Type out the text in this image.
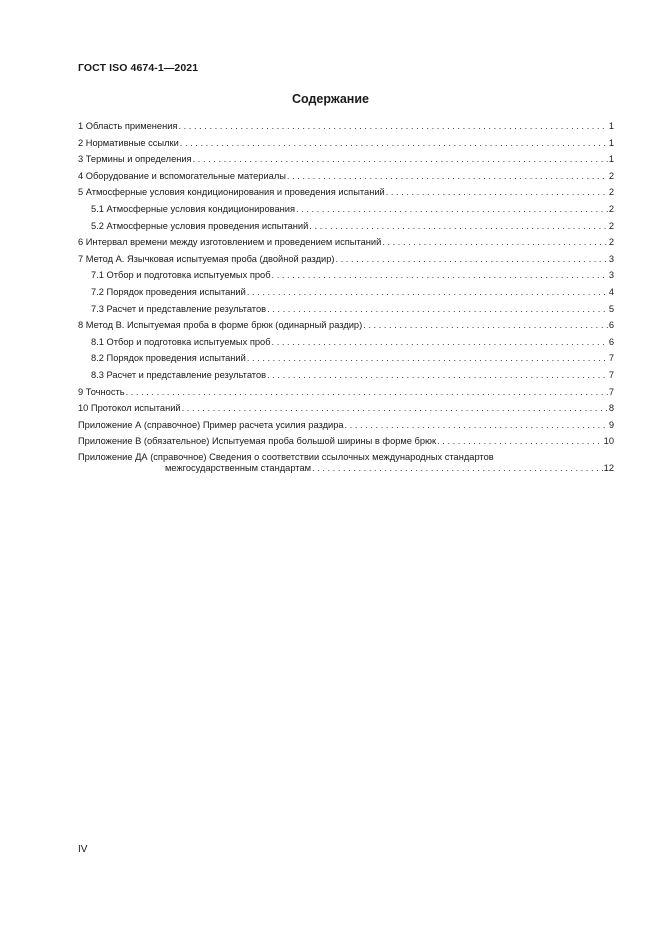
ГОСТ ISO 4674-1—2021
Содержание
1 Область применения . . .	1
2 Нормативные ссылки . . .	1
3 Термины и определения . . .	1
4 Оборудование и вспомогательные материалы . . .	2
5 Атмосферные условия кондиционирования и проведения испытаний . . .	2
5.1 Атмосферные условия кондиционирования . . .	2
5.2 Атмосферные условия проведения испытаний . . .	2
6 Интервал времени между изготовлением и проведением испытаний . . .	2
7 Метод А. Язычковая испытуемая проба (двойной раздир) . . .	3
7.1 Отбор и подготовка испытуемых проб . . .	3
7.2 Порядок проведения испытаний . . .	4
7.3 Расчет и представление результатов . . .	5
8 Метод В. Испытуемая проба в форме брюк (одинарный раздир) . . .	6
8.1 Отбор и подготовка испытуемых проб . . .	6
8.2 Порядок проведения испытаний . . .	7
8.3 Расчет и представление результатов . . .	7
9 Точность . . .	7
10 Протокол испытаний . . .	8
Приложение А (справочное) Пример расчета усилия раздира . . .	9
Приложение В (обязательное) Испытуемая проба большой ширины в форме брюк . . .	10
Приложение ДА (справочное) Сведения о соответствии ссылочных международных стандартов
межгосударственным стандартам . . .	12
IV
